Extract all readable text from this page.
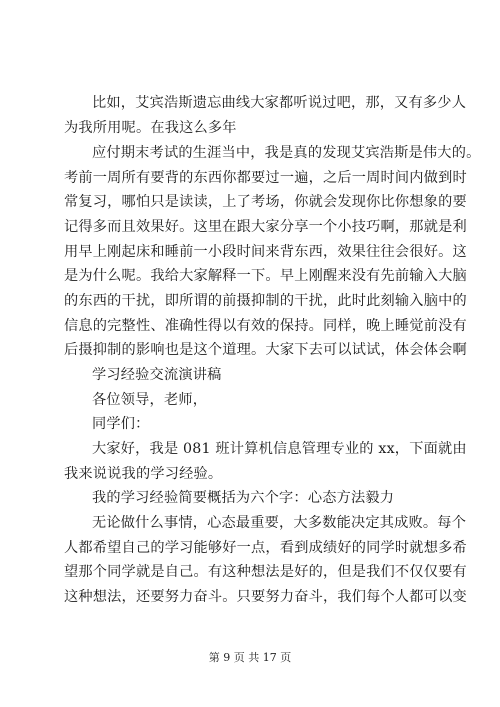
比如，艾宾浩斯遗忘曲线大家都听说过吧，那，又有多少人
为我所用呢。在我这么多年
应付期末考试的生涯当中，我是真的发现艾宾浩斯是伟大的。
考前一周所有要背的东西你都要过一遍，之后一周时间内做到时
常复习，哪怕只是读读，上了考场，你就会发现你比你想象的要
记得多而且效果好。这里在跟大家分享一个小技巧啊，那就是利
用早上刚起床和睡前一小段时间来背东西，效果往往会很好。这
是为什么呢。我给大家解释一下。早上刚醒来没有先前输入大脑
的东西的干扰，即所谓的前摄抑制的干扰，此时此刻输入脑中的
信息的完整性、准确性得以有效的保持。同样，晚上睡觉前没有
后摄抑制的影响也是这个道理。大家下去可以试试，体会体会啊
学习经验交流演讲稿
各位领导，老师，
同学们：
大家好，我是 081 班计算机信息管理专业的 xx，下面就由
我来说说我的学习经验。
我的学习经验简要概括为六个字：心态方法毅力
无论做什么事情，心态最重要，大多数能决定其成败。每个
人都希望自己的学习能够好一点，看到成绩好的同学时就想多希
望那个同学就是自己。有这种想法是好的，但是我们不仅仅要有
这种想法，还要努力奋斗。只要努力奋斗，我们每个人都可以变
第 9 页 共 17 页
